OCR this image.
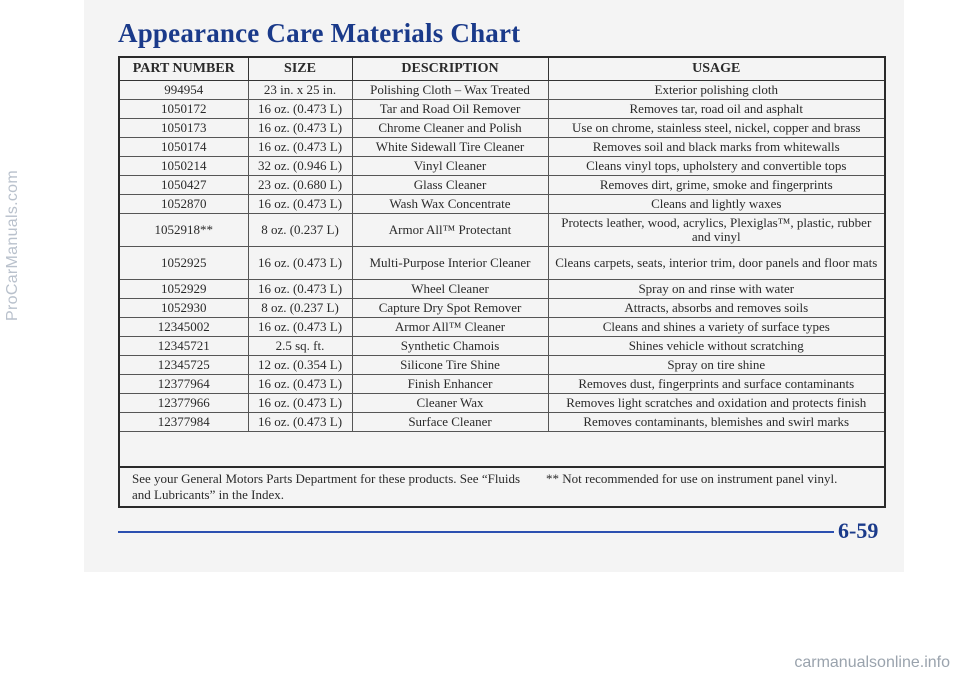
Appearance Care Materials Chart
PART NUMBER	SIZE	DESCRIPTION	USAGE
994954	23 in. x 25 in.	Polishing Cloth – Wax Treated	Exterior polishing cloth
1050172	16 oz. (0.473 L)	Tar and Road Oil Remover	Removes tar, road oil and asphalt
1050173	16 oz. (0.473 L)	Chrome Cleaner and Polish	Use on chrome, stainless steel, nickel, copper and brass
1050174	16 oz. (0.473 L)	White Sidewall Tire Cleaner	Removes soil and black marks from whitewalls
1050214	32 oz. (0.946 L)	Vinyl Cleaner	Cleans vinyl tops, upholstery and convertible tops
1050427	23 oz. (0.680 L)	Glass Cleaner	Removes dirt, grime, smoke and fingerprints
1052870	16 oz. (0.473 L)	Wash Wax Concentrate	Cleans and lightly waxes
1052918**	8 oz. (0.237 L)	Armor All™ Protectant	Protects leather, wood, acrylics, Plexiglas™, plastic, rubber and vinyl
1052925	16 oz. (0.473 L)	Multi-Purpose Interior Cleaner	Cleans carpets, seats, interior trim, door panels and floor mats
1052929	16 oz. (0.473 L)	Wheel Cleaner	Spray on and rinse with water
1052930	8 oz. (0.237 L)	Capture Dry Spot Remover	Attracts, absorbs and removes soils
12345002	16 oz. (0.473 L)	Armor All™ Cleaner	Cleans and shines a variety of surface types
12345721	2.5 sq. ft.	Synthetic Chamois	Shines vehicle without scratching
12345725	12 oz. (0.354 L)	Silicone Tire Shine	Spray on tire shine
12377964	16 oz. (0.473 L)	Finish Enhancer	Removes dust, fingerprints and surface contaminants
12377966	16 oz. (0.473 L)	Cleaner Wax	Removes light scratches and oxidation and protects finish
12377984	16 oz. (0.473 L)	Surface Cleaner	Removes contaminants, blemishes and swirl marks
See your General Motors Parts Department for these products. See “Fluids and Lubricants” in the Index.
** Not recommended for use on instrument panel vinyl.
6-59
ProCarManuals.com
carmanualsonline.info
